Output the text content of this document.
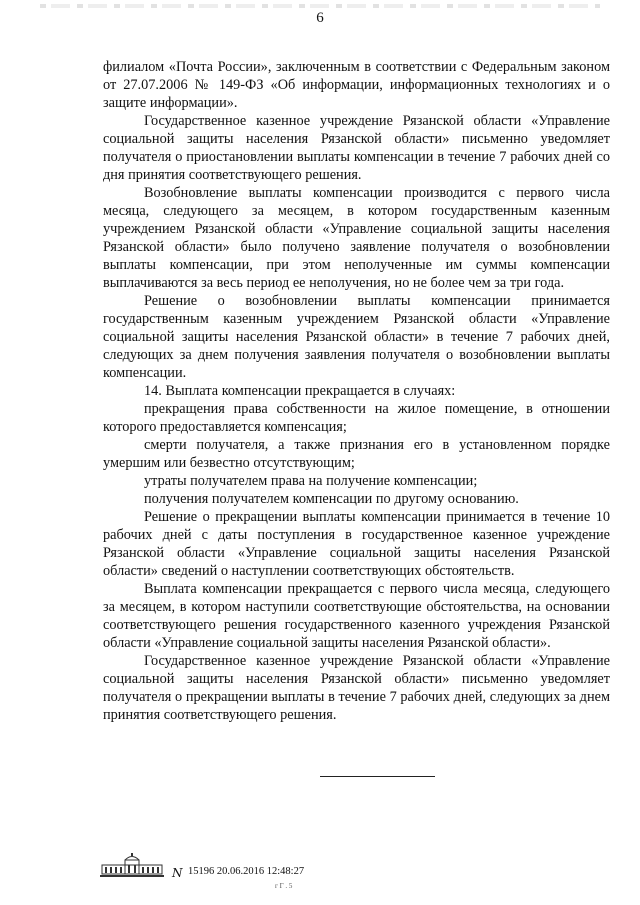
6

филиалом «Почта России», заключенным в соответствии с Федеральным законом от 27.07.2006 № 149-ФЗ «Об информации, информационных технологиях и о защите информации».

Государственное казенное учреждение Рязанской области «Управление социальной защиты населения Рязанской области» письменно уведомляет получателя о приостановлении выплаты компенсации в течение 7 рабочих дней со дня принятия соответствующего решения.

Возобновление выплаты компенсации производится с первого числа месяца, следующего за месяцем, в котором государственным казенным учреждением Рязанской области «Управление социальной защиты населения Рязанской области» было получено заявление получателя о возобновлении выплаты компенсации, при этом неполученные им суммы компенсации выплачиваются за весь период ее неполучения, но не более чем за три года.

Решение о возобновлении выплаты компенсации принимается государственным казенным учреждением Рязанской области «Управление социальной защиты населения Рязанской области» в течение 7 рабочих дней, следующих за днем получения заявления получателя о возобновлении выплаты компенсации.

14. Выплата компенсации прекращается в случаях:

прекращения права собственности на жилое помещение, в отношении которого предоставляется компенсация;

смерти получателя, а также признания его в установленном порядке умершим или безвестно отсутствующим;

утраты получателем права на получение компенсации;

получения получателем компенсации по другому основанию.

Решение о прекращении выплаты компенсации принимается в течение 10 рабочих дней с даты поступления в государственное казенное учреждение Рязанской области «Управление социальной защиты населения Рязанской области» сведений о наступлении соответствующих обстоятельств.

Выплата компенсации прекращается с первого числа месяца, следующего за месяцем, в котором наступили соответствующие обстоятельства, на основании соответствующего решения государственного казенного учреждения Рязанской области «Управление социальной защиты населения Рязанской области».

Государственное казенное учреждение Рязанской области «Управление социальной защиты населения Рязанской области» письменно уведомляет получателя о прекращении выплаты в течение 7 рабочих дней, следующих за днем принятия соответствующего решения.

N 15196 20.06.2016 12:48:27
г Г . 5
